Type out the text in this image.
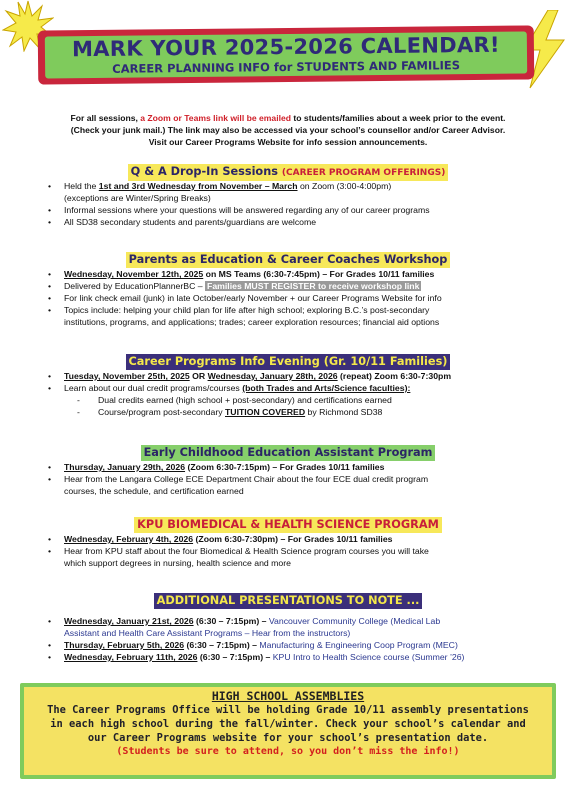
MARK YOUR 2025-2026 CALENDAR!
CAREER PLANNING INFO for STUDENTS AND FAMILIES
For all sessions, a Zoom or Teams link will be emailed to students/families about a week prior to the event.
(Check your junk mail.) The link may also be accessed via your school’s counsellor and/or Career Advisor.
Visit our Career Programs Website for info session announcements.
Q & A Drop-In Sessions (CAREER PROGRAM OFFERINGS)
• Held the 1st and 3rd Wednesday from November – March on Zoom (3:00-4:00pm)
(exceptions are Winter/Spring Breaks)
• Informal sessions where your questions will be answered regarding any of our career programs
• All SD38 secondary students and parents/guardians are welcome
Parents as Education & Career Coaches Workshop
• Wednesday, November 12th, 2025 on MS Teams (6:30-7:45pm) – For Grades 10/11 families
• Delivered by EducationPlannerBC – Families MUST REGISTER to receive workshop link
• For link check email (junk) in late October/early November + our Career Programs Website for info
• Topics include: helping your child plan for life after high school; exploring B.C.’s post-secondary
institutions, programs, and applications; trades; career exploration resources; financial aid options
Career Programs Info Evening (Gr. 10/11 Families)
• Tuesday, November 25th, 2025 OR Wednesday, January 28th, 2026 (repeat) Zoom 6:30-7:30pm
• Learn about our dual credit programs/courses (both Trades and Arts/Science faculties):
- Dual credits earned (high school + post-secondary) and certifications earned
- Course/program post-secondary TUITION COVERED by Richmond SD38
Early Childhood Education Assistant Program
• Thursday, January 29th, 2026 (Zoom 6:30-7:15pm) – For Grades 10/11 families
• Hear from the Langara College ECE Department Chair about the four ECE dual credit program
courses, the schedule, and certification earned
KPU BIOMEDICAL & HEALTH SCIENCE PROGRAM
• Wednesday, February 4th, 2026 (Zoom 6:30-7:30pm) – For Grades 10/11 families
• Hear from KPU staff about the four Biomedical & Health Science program courses you will take
which support degrees in nursing, health science and more
ADDITIONAL PRESENTATIONS TO NOTE ...
• Wednesday, January 21st, 2026 (6:30 – 7:15pm) – Vancouver Community College (Medical Lab
Assistant and Health Care Assistant Programs – Hear from the instructors)
• Thursday, February 5th, 2026 (6:30 – 7:15pm) – Manufacturing & Engineering Coop Program (MEC)
• Wednesday, February 11th, 2026 (6:30 – 7:15pm) – KPU Intro to Health Science course (Summer ’26)
HIGH SCHOOL ASSEMBLIES
The Career Programs Office will be holding Grade 10/11 assembly presentations
in each high school during the fall/winter. Check your school’s calendar and
our Career Programs website for your school’s presentation date.
(Students be sure to attend, so you don’t miss the info!)
